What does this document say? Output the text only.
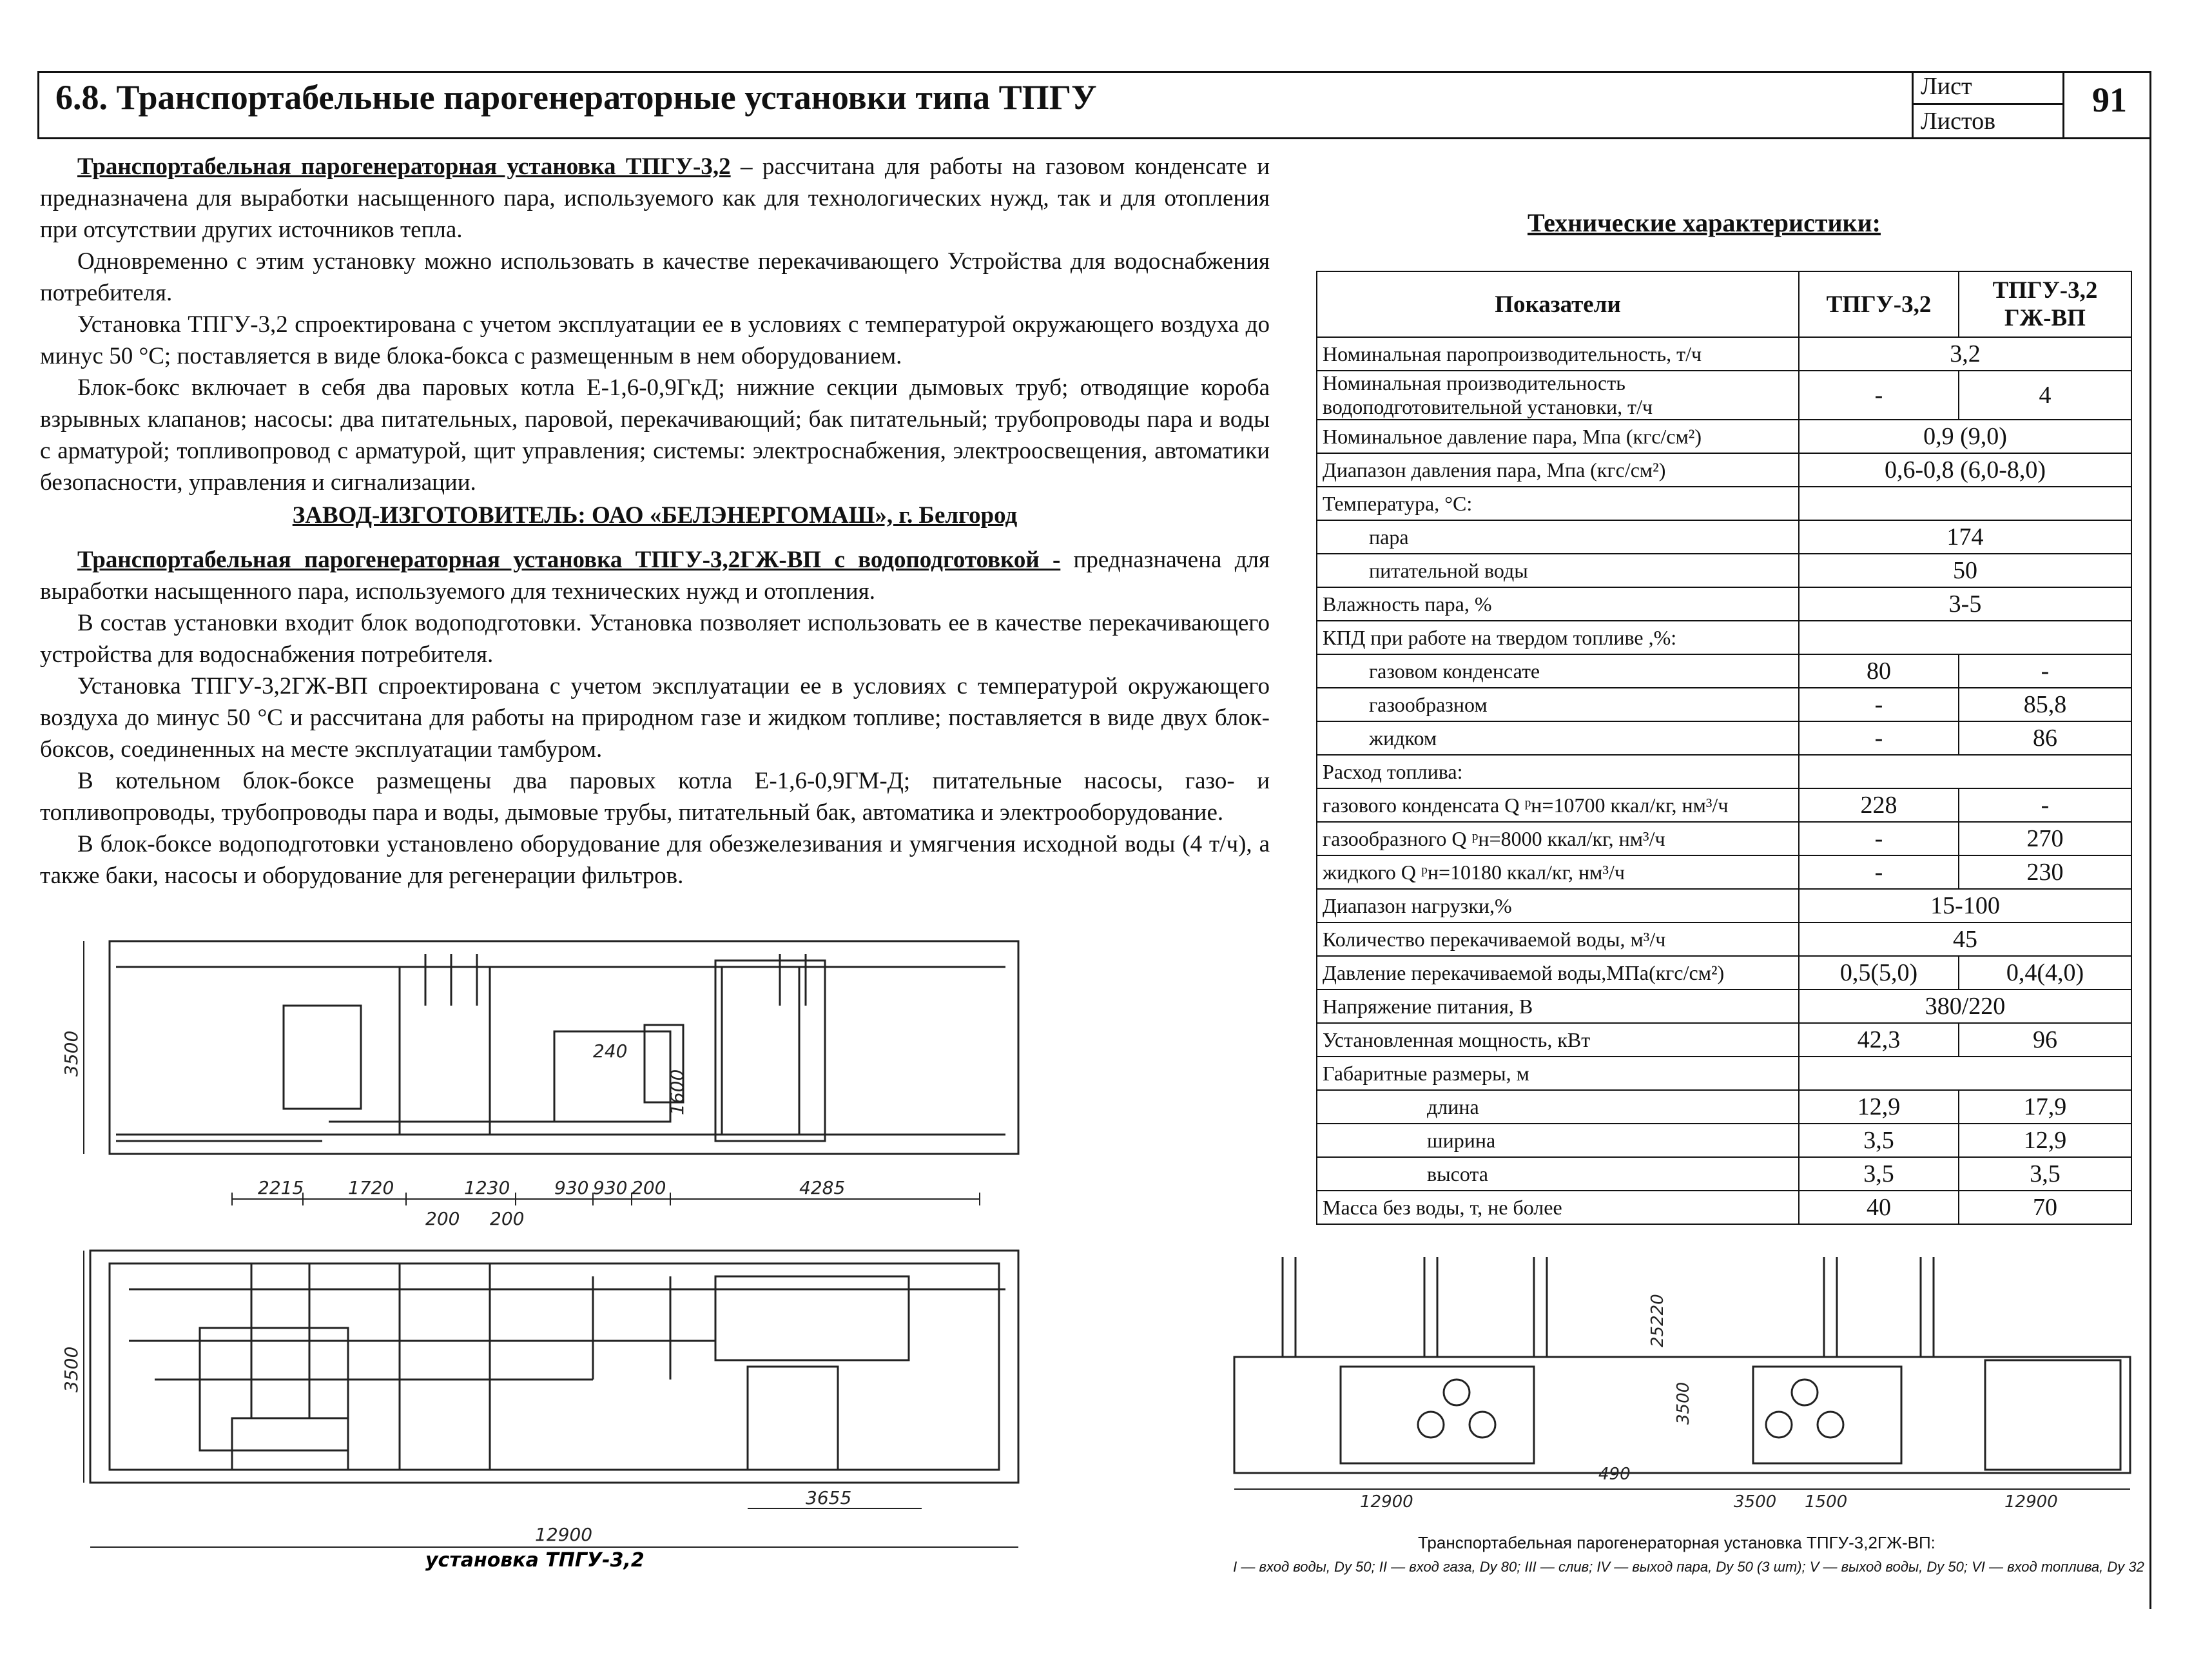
6.8. Транспортабельные парогенераторные установки типа ТПГУ	Лист
Листов
91

Транспортабельная парогенераторная установка ТПГУ-3,2 – рассчитана для работы на газовом конденсате и предназначена для выработки насыщенного пара, используемого как для технологических нужд, так и для отопления при отсутствии других источников тепла.

Одновременно с этим установку можно использовать в качестве перекачивающего Устройства для водоснабжения потребителя.

Установка ТПГУ-3,2 спроектирована с учетом эксплуатации ее в условиях с температурой окружающего воздуха до минус 50 °С; поставляется в виде блока-бокса с размещенным в нем оборудованием.

Блок-бокс включает в себя два паровых котла Е-1,6-0,9ГкД; нижние секции дымовых труб; отводящие короба взрывных клапанов; насосы: два питательных, паровой, перекачивающий; бак питательный; трубопроводы пара и воды с арматурой; топливопровод с арматурой, щит управления; системы: электроснабжения, электроосвещения, автоматики безопасности, управления и сигнализации.

ЗАВОД-ИЗГОТОВИТЕЛЬ: ОАО «БЕЛЭНЕРГОМАШ», г. Белгород

Транспортабельная парогенераторная установка ТПГУ-3,2ГЖ-ВП с водоподготовкой - предназначена для выработки насыщенного пара, используемого для технических нужд и отопления.

В состав установки входит блок водоподготовки. Установка позволяет использовать ее в качестве перекачивающего устройства для водоснабжения потребителя.

Установка ТПГУ-3,2ГЖ-ВП спроектирована с учетом эксплуатации ее в условиях с температурой окружающего воздуха до минус 50 °С и рассчитана для работы на природном газе и жидком топливе; поставляется в виде двух блок-боксов, соединенных на месте эксплуатации тамбуром.

В котельном блок-боксе размещены два паровых котла Е-1,6-0,9ГМ-Д; питательные насосы, газо- и топливопроводы, трубопроводы пара и воды, дымовые трубы, питательный бак, автоматика и электрооборудование.

В блок-боксе водоподготовки установлено оборудование для обезжелезивания и умягчения исходной воды (4 т/ч), а также баки, насосы и оборудование для регенерации фильтров.

Технические характеристики:
Показатели	ТПГУ-3,2	ТПГУ-3,2
ГЖ-ВП
Номинальная паропроизводительность, т/ч	3,2	
Номинальная производительность водоподготовительной установки, т/ч	-	4
Номинальное давление пара, Мпа (кгс/см²)	0,9 (9,0)	
Диапазон давления пара, Мпа (кгс/см²)	0,6-0,8 (6,0-8,0)	
Температура, °С:		
пара	174	
питательной воды	50	
Влажность пара, %	3-5	
КПД при работе на твердом топливе ,%:		
газовом конденсате	80	-
газообразном	-	85,8
жидком	-	86
Расход топлива:		
газового конденсата Q ᵖн=10700 ккал/кг, нм³/ч	228	-
газообразного Q ᵖн=8000 ккал/кг, нм³/ч	-	270
жидкого Q ᵖн=10180 ккал/кг, нм³/ч	-	230
Диапазон нагрузки,%	15-100	
Количество перекачиваемой воды, м³/ч	45	
Давление перекачиваемой воды,МПа(кгс/см²)	0,5(5,0)	0,4(4,0)
Напряжение питания, В	380/220	
Установленная мощность, кВт	42,3	96
Габаритные размеры, м		
длина	12,9	17,9
ширина	3,5	12,9
высота	3,5	3,5
Масса без воды, т, не более	40	70
2215 1720	1230 930 930 200	4285
200 200
240
1600
3500
3500
3655
12900
установка ТПГУ-3,2
12900	3500 1500	12900
25220
3500
490
Транспортабельная парогенераторная установка ТПГУ-3,2ГЖ-ВП:
I — вход воды, Dу 50; II — вход газа, Dу 80; III — слив; IV — выход пара, Dу 50 (3 шт); V — выход воды, Dу 50; VI — вход топлива, Dу 32
